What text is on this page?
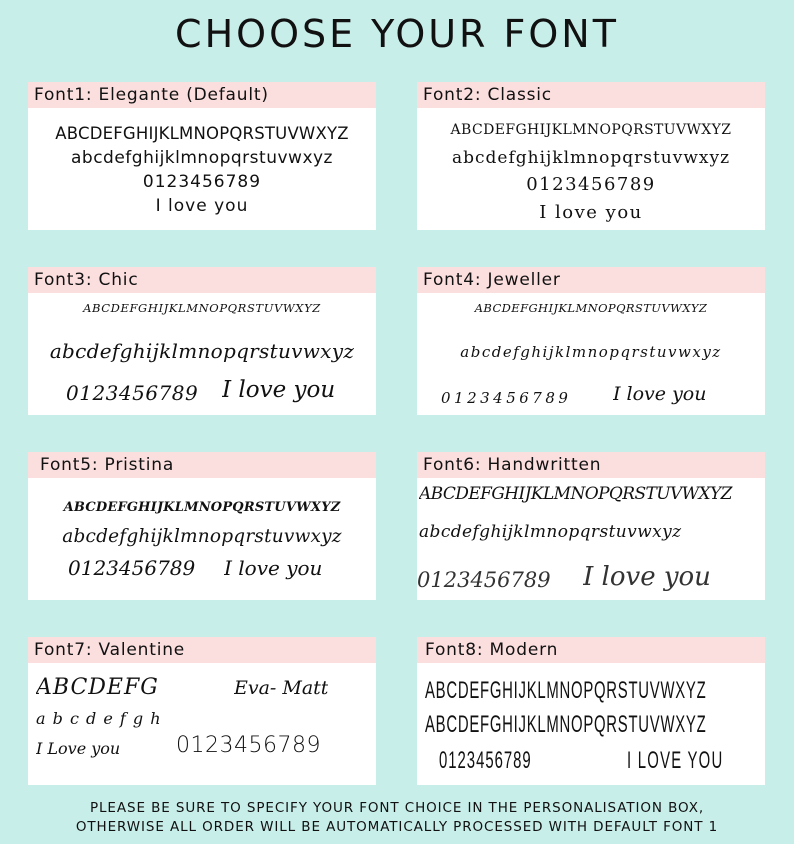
CHOOSE YOUR FONT
Font1: Elegante (Default)
ABCDEFGHIJKLMNOPQRSTUVWXYZ
abcdefghijklmnopqrstuvwxyz
0123456789
I love you
Font2: Classic
ABCDEFGHIJKLMNOPQRSTUVWXYZ
abcdefghijklmnopqrstuvwxyz
0123456789
I love you
Font3: Chic
ABCDEFGHIJKLMNOPQRSTUVWXYZ
abcdefghijklmnopqrstuvwxyz
0123456789 I love you
Font4: Jeweller
ABCDEFGHIJKLMNOPQRSTUVWXYZ
abcdefghijklmnopqrstuvwxyz
0123456789 I love you
Font5: Pristina
ABCDEFGHIJKLMNOPQRSTUVWXYZ
abcdefghijklmnopqrstuvwxyz
0123456789 I love you
Font6: Handwritten
ABCDEFGHIJKLMNOPQRSTUVWXYZ
abcdefghijklmnopqrstuvwxyz
0123456789 I love you
Font7: Valentine
ABCDEFG	Eva- Matt
a b c d e f g h
I Love you	0123456789
Font8: Modern
ABCDEFGHIJKLMNOPQRSTUVWXYZ
ABCDEFGHIJKLMNOPQRSTUVWXYZ
0123456789	I LOVE YOU
PLEASE BE SURE TO SPECIFY YOUR FONT CHOICE IN THE PERSONALISATION BOX,
OTHERWISE ALL ORDER WILL BE AUTOMATICALLY PROCESSED WITH DEFAULT FONT 1
